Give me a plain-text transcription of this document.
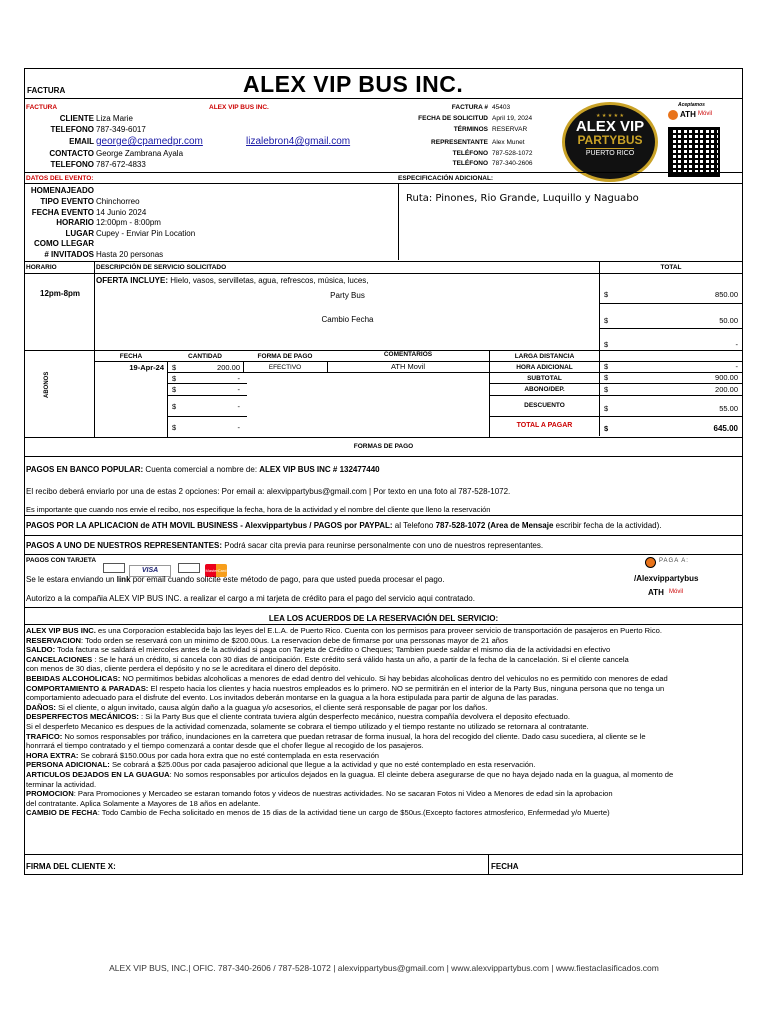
FACTURA	ALEX VIP BUS INC.
FACTURA	ALEX VIP BUS INC.
CLIENTE Liza Marie
TELEFONO 787-349-6017
EMAIL george@cpamedpr.com	lizalebron4@gmail.com
CONTACTO George Zambrana Ayala
TELEFONO 787-672-4833
FACTURA # 45403
FECHA DE SOLICITUD April 19, 2024
TÉRMINOS RESERVAR
REPRESENTANTE Alex Munet
TELÉFONO 787-528-1072
TELÉFONO 787-340-2606
★ ★ ★ ★ ★
ALEX VIP
PARTYBUS
PUERTO RICO
Aceptamos
ATH Móvil
DATOS DEL EVENTO:	ESPECIFICACIÓN ADICIONAL:
HOMENAJEADO
TIPO EVENTO Chinchorreo
FECHA EVENTO 14 Junio 2024
HORARIO 12:00pm - 8:00pm
LUGAR Cupey - Enviar Pin Location
COMO LLEGAR
# INVITADOS Hasta 20 personas
Ruta: Pinones, Rio Grande, Luquillo y Naguabo
HORARIO	DESCRIPCIÓN DE SERVICIO SOLICITADO	TOTAL
OFERTA INCLUYE: Hielo, vasos, servilletas, agua, refrescos, música, luces,
12pm-8pm	Party Bus	$	850.00
Cambio Fecha	$	50.00
$	-
ABONOS
FECHA	CANTIDAD	FORMA DE PAGO	COMENTARIOS
19-Apr-24 $	200.00	EFECTIVO	ATH Movil
$	-
$	-
$	-
$	-
LARGA DISTANCIA
HORA ADICIONAL	$	-
SUBTOTAL	$	900.00
ABONO/DEP.	$	200.00
DESCUENTO	$	55.00
TOTAL A PAGAR	$	645.00
FORMAS DE PAGO
PAGOS EN BANCO POPULAR: Cuenta comercial a nombre de: ALEX VIP BUS INC # 132477440
El recibo deberá enviarlo por una de estas 2 opciones: Por email a: alexvippartybus@gmail.com | Por texto en una foto al 787-528-1072.
Es importante que cuando nos envie el recibo, nos especifique la fecha, hora de la actividad y el nombre del cliente que lleno la reservación
PAGOS POR LA APLICACION de ATH MOVIL BUSINESS - Alexvippartybus / PAGOS por PAYPAL: al Telefono 787-528-1072 (Area de Mensaje escribir fecha de la actividad).
PAGOS A UNO DE NUESTROS REPRESENTANTES: Podrá sacar cita previa para reunirse personalmente con uno de nuestros representantes.
PAGOS CON TARJETA
VISA	MasterCard
Se le estara enviando un link por email cuando solicite este método de pago, para que usted pueda procesar el pago.
Autorizo a la compañia ALEX VIP BUS INC. a realizar el cargo a mi tarjeta de crédito para el pago del servicio aqui contratado.
PAGA A:
/Alexvippartybus
ATH Móvil
LEA LOS ACUERDOS DE LA RESERVACIÓN DEL SERVICIO:
ALEX VIP BUS INC. es una Corporacion establecida bajo las leyes del E.L.A. de Puerto Rico. Cuenta con los permisos para proveer servicio de transportación de pasajeros en Puerto Rico.
RESERVACION: Todo orden se reservará con un minimo de $200.00us. La reservacion debe de firmarse por una perssonas mayor de 21 años
SALDO: Toda factura se saldará el miercoles antes de la actividad si paga con Tarjeta de Crédito o Cheques; Tambien puede saldar el mismo dia de la actividadsi en efectivo
CANCELACIONES : Se le hará un crédito, si cancela con 30 dias de anticipación. Este crédito será válido hasta un año, a partir de la fecha de la cancelación. Si el cliente cancela
con menos de 30 dias, cliente perdera el depósito y no se le acreditara el dinero del depósito.
BEBIDAS ALCOHOLICAS: NO permitimos bebidas alcoholicas a menores de edad dentro del vehiculo. Si hay bebidas alcoholicas dentro del vehiculos no es permitido con menores de edad
COMPORTAMIENTO & PARADAS: El respeto hacia los clientes y hacia nuestros empleados es lo primero. NO se permitirán en el interior de la Party Bus, ninguna persona que no tenga un
comportamiento adecuado para el disfrute del evento. Los invitados deberán montarse en la guagua a la hora estipulada para partir de alguna de las paradas.
DAÑOS: Si el cliente, o algun invitado, causa algún daño a la guagua y/o acsesorios, el cliente será responsable de pagar por los daños.
DESPERFECTOS MECÁNICOS: : Si la Party Bus que el cliente contrata tuviera algún desperfecto mecánico, nuestra compañía devolvera el deposito efectuado.
Si el desperfeto Mecanico es despues de la actividad comenzada, solamente se cobrara el tiempo utilizado y el tiempo restante no utilizado se retornara al contratante.
TRAFICO: No somos responsables por tráfico, inundaciones en la carretera que puedan retrasar de forma inusual, la hora del recogido del cliente. Dado casu sucediera, al cliente se le
honrrará el tiempo contratado y el tiempo comenzará a contar desde que el chofer llegue al recogido de los pasajeros.
HORA EXTRA: Se cobrará $150.00us por cada hora extra que no esté contemplada en esta reservación
PERSONA ADICIONAL: Se cobrará a $25.00us por cada pasajeroo adicional que llegue a la actividad y que no esté contemplado en esta reservación.
ARTICULOS DEJADOS EN LA GUAGUA: No somos responsables por articulos dejados en la guagua. El cleinte debera asegurarse de que no haya dejado nada en la guagua, al momento de
terminar la actividad.
PROMOCION: Para Promociones y Mercadeo se estaran tomando fotos y videos de nuestras actividades. No se sacaran Fotos ni Video a Menores de edad sin la aprobacion
del contratante. Aplica Solamente a Mayores de 18 años en adelante.
CAMBIO DE FECHA: Todo Cambio de Fecha solicitado en menos de 15 dias de la actividad tiene un cargo de $50us.(Excepto factores atmosferico, Enfermedad y/o Muerte)
FIRMA DEL CLIENTE X:	FECHA
ALEX VIP BUS, INC.| OFIC. 787-340-2606 / 787-528-1072 | alexvippartybus@gmail.com | www.alexvippartybus.com | www.fiestaclasificados.com
